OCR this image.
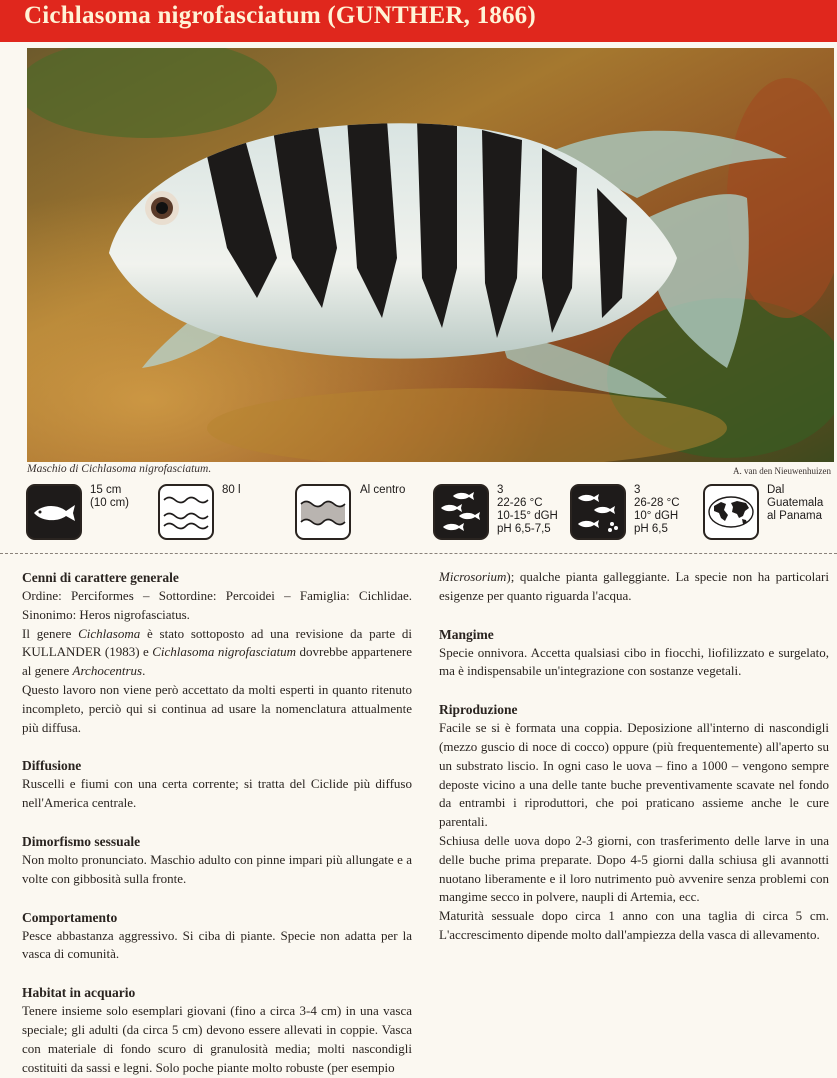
Cichlasoma nigrofasciatum (GUNTHER, 1866)
Maschio di Cichlasoma nigrofasciatum.	A. van den Nieuwenhuizen
15 cm
(10 cm)
80 l	Al centro	3
22-26 °C
10-15° dGH
pH 6,5-7,5
3
26-28 °C
10° dGH
pH 6,5
Dal
Guatemala
al Panama
Cenni di carattere generale

Ordine: Perciformes – Sottordine: Percoidei – Famiglia: Cichlidae. Sinonimo: Heros nigrofasciatus.

Il genere Cichlasoma è stato sottoposto ad una revisione da parte di KULLANDER (1983) e Cichlasoma nigrofasciatum dovrebbe appartenere al genere Archocentrus.

Questo lavoro non viene però accettato da molti esperti in quanto ritenuto incompleto, perciò qui si continua ad usare la nomenclatura attualmente più diffusa.

Diffusione

Ruscelli e fiumi con una certa corrente; si tratta del Ciclide più diffuso nell'America centrale.

Dimorfismo sessuale

Non molto pronunciato. Maschio adulto con pinne impari più allungate e a volte con gibbosità sulla fronte.

Comportamento

Pesce abbastanza aggressivo. Si ciba di piante. Specie non adatta per la vasca di comunità.

Habitat in acquario

Tenere insieme solo esemplari giovani (fino a circa 3-4 cm) in una vasca speciale; gli adulti (da circa 5 cm) devono essere allevati in coppie. Vasca con materiale di fondo scuro di granulosità media; molti nascondigli costituiti da sassi e legni. Solo poche piante molto robuste (per esempio

Microsorium); qualche pianta galleggiante. La specie non ha particolari esigenze per quanto riguarda l'acqua.

Mangime

Specie onnivora. Accetta qualsiasi cibo in fiocchi, liofilizzato e surgelato, ma è indispensabile un'integrazione con sostanze vegetali.

Riproduzione

Facile se si è formata una coppia. Deposizione all'interno di nascondigli (mezzo guscio di noce di cocco) oppure (più frequentemente) all'aperto su un substrato liscio. In ogni caso le uova – fino a 1000 – vengono sempre deposte vicino a una delle tante buche preventivamente scavate nel fondo da entrambi i riproduttori, che poi praticano assieme anche le cure parentali.

Schiusa delle uova dopo 2-3 giorni, con trasferimento delle larve in una delle buche prima preparate. Dopo 4-5 giorni dalla schiusa gli avannotti nuotano liberamente e il loro nutrimento può avvenire senza problemi con mangime secco in polvere, naupli di Artemia, ecc.

Maturità sessuale dopo circa 1 anno con una taglia di circa 5 cm. L'accrescimento dipende molto dall'ampiezza della vasca di allevamento.
